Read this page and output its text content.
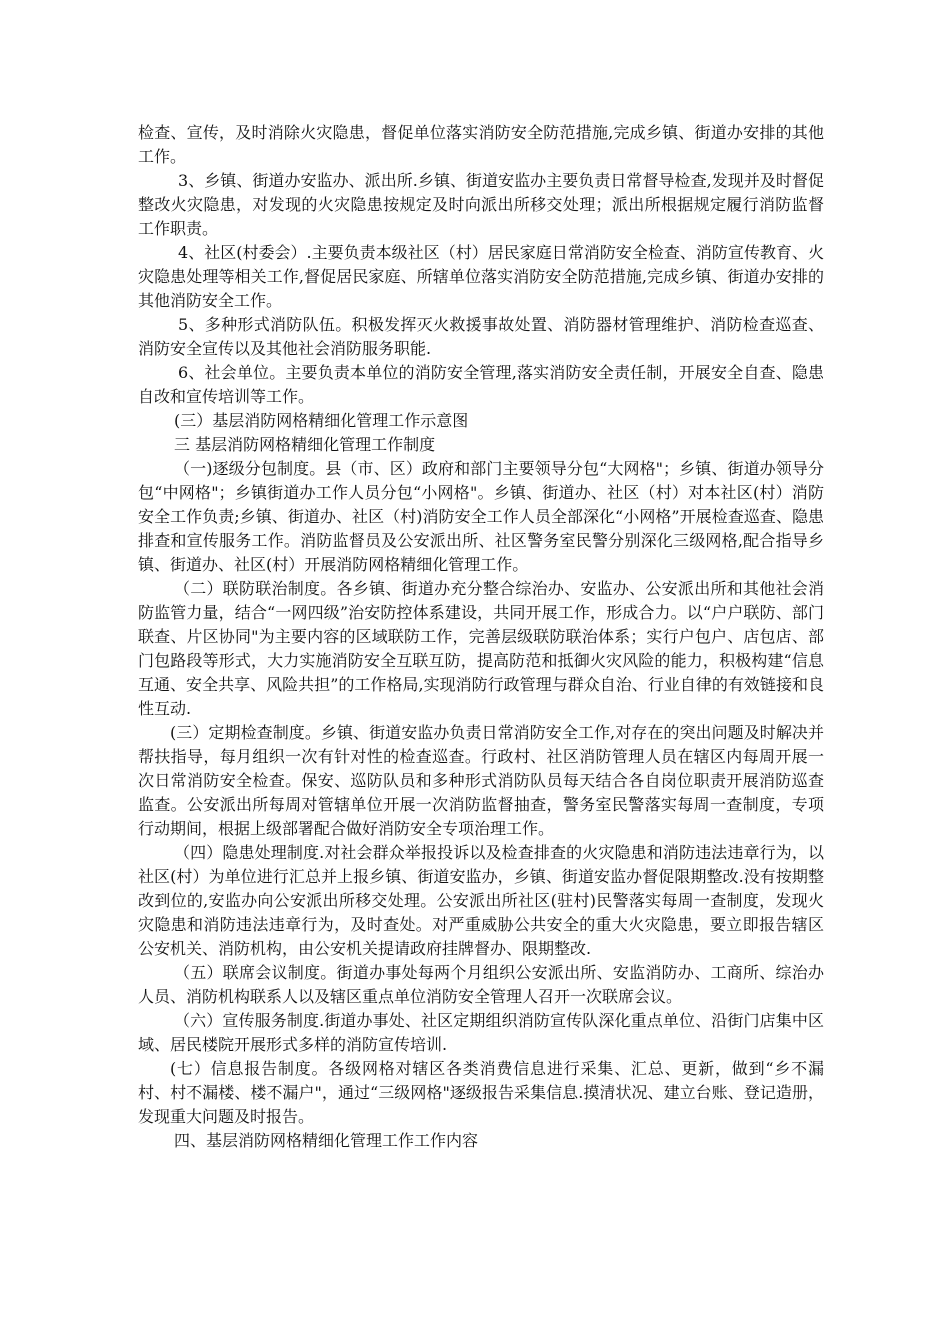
检查、宣传，及时消除火灾隐患，督促单位落实消防安全防范措施,完成乡镇、街道办安排的其他工作。

3、乡镇、街道办安监办、派出所.乡镇、街道安监办主要负责日常督导检查,发现并及时督促整改火灾隐患，对发现的火灾隐患按规定及时向派出所移交处理；派出所根据规定履行消防监督工作职责。

4、社区(村委会）.主要负责本级社区（村）居民家庭日常消防安全检查、消防宣传教育、火灾隐患处理等相关工作,督促居民家庭、所辖单位落实消防安全防范措施,完成乡镇、街道办安排的其他消防安全工作。

5、多种形式消防队伍。积极发挥灭火救援事故处置、消防器材管理维护、消防检查巡查、消防安全宣传以及其他社会消防服务职能.

6、社会单位。主要负责本单位的消防安全管理,落实消防安全责任制，开展安全自查、隐患自改和宣传培训等工作。

(三）基层消防网格精细化管理工作示意图

三 基层消防网格精细化管理工作制度

（一)逐级分包制度。县（市、区）政府和部门主要领导分包“大网格"；乡镇、街道办领导分包“中网格"；乡镇街道办工作人员分包“小网格"。乡镇、街道办、社区（村）对本社区(村）消防安全工作负责;乡镇、街道办、社区（村)消防安全工作人员全部深化“小网格”开展检查巡查、隐患排查和宣传服务工作。消防监督员及公安派出所、社区警务室民警分别深化三级网格,配合指导乡镇、街道办、社区(村）开展消防网格精细化管理工作。

（二）联防联治制度。各乡镇、街道办充分整合综治办、安监办、公安派出所和其他社会消防监管力量，结合“一网四级”治安防控体系建设，共同开展工作，形成合力。以“户户联防、部门联查、片区协同"为主要内容的区域联防工作，完善层级联防联治体系；实行户包户、店包店、部门包路段等形式，大力实施消防安全互联互防，提高防范和抵御火灾风险的能力，积极构建“信息互通、安全共享、风险共担”的工作格局,实现消防行政管理与群众自治、行业自律的有效链接和良性互动.

(三）定期检查制度。乡镇、街道安监办负责日常消防安全工作,对存在的突出问题及时解决并帮扶指导，每月组织一次有针对性的检查巡查。行政村、社区消防管理人员在辖区内每周开展一次日常消防安全检查。保安、巡防队员和多种形式消防队员每天结合各自岗位职责开展消防巡查监查。公安派出所每周对管辖单位开展一次消防监督抽查，警务室民警落实每周一查制度，专项行动期间，根据上级部署配合做好消防安全专项治理工作。

（四）隐患处理制度.对社会群众举报投诉以及检查排查的火灾隐患和消防违法违章行为，以社区(村）为单位进行汇总并上报乡镇、街道安监办，乡镇、街道安监办督促限期整改.没有按期整改到位的,安监办向公安派出所移交处理。公安派出所社区(驻村)民警落实每周一查制度，发现火灾隐患和消防违法违章行为，及时查处。对严重威胁公共安全的重大火灾隐患，要立即报告辖区公安机关、消防机构，由公安机关提请政府挂牌督办、限期整改.

（五）联席会议制度。街道办事处每两个月组织公安派出所、安监消防办、工商所、综治办人员、消防机构联系人以及辖区重点单位消防安全管理人召开一次联席会议。

（六）宣传服务制度.街道办事处、社区定期组织消防宣传队深化重点单位、沿街门店集中区域、居民楼院开展形式多样的消防宣传培训.

(七）信息报告制度。各级网格对辖区各类消费信息进行采集、汇总、更新，做到“乡不漏村、村不漏楼、楼不漏户"，通过“三级网格"逐级报告采集信息.摸清状况、建立台账、登记造册，发现重大问题及时报告。

四、基层消防网格精细化管理工作工作内容
